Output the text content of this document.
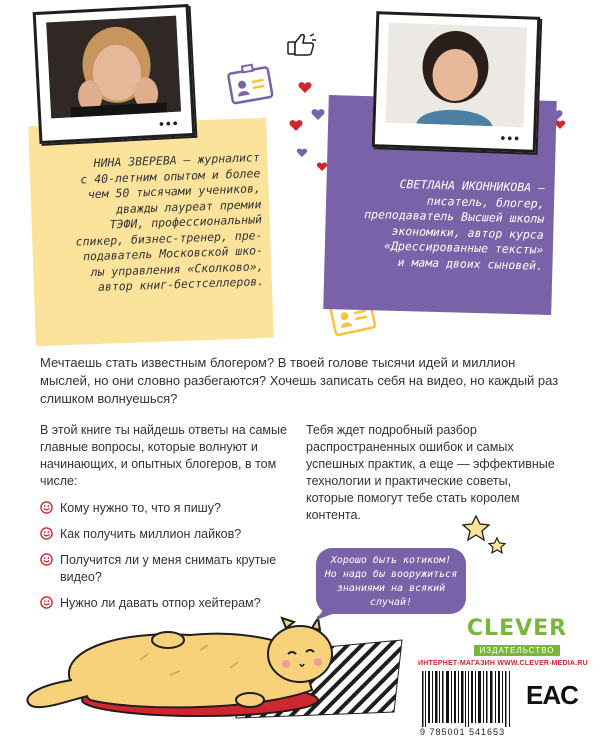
•••
•••
НИНА ЗВЕРЕВА — журналист
с 40-летним опытом и более
чем 50 тысячами учеников,
дважды лауреат премии
ТЭФИ, профессиональный
спикер, бизнес-тренер, пре-
подаватель Московской шко-
лы управления «Сколково»,
автор книг-бестселлеров.
СВЕТЛАНА ИКОННИКОВА —
писатель, блогер,
преподаватель Высшей школы
экономики, автор курса
«Дрессированные тексты»
и мама двоих сыновей.
Мечтаешь стать известным блогером? В твоей голове тысячи идей и миллион мыслей, но они словно разбегаются? Хочешь записать себя на видео, но каждый раз слишком волнуешься?
В этой книге ты найдешь ответы на самые главные вопросы, которые волнуют и начинающих, и опытных блогеров, в том числе:
Кому нужно то, что я пишу?
Как получить миллион лайков?
Получится ли у меня снимать крутые видео?
Нужно ли давать отпор хейтерам?
Тебя ждет подробный разбор распространенных ошибок и самых успешных практик, а еще — эффективные технологии и практические советы, которые помогут тебе стать королем контента.
Хорошо быть котиком!
Но надо бы вооружиться
знаниями на всякий
случай!
CLEVER
ИЗДАТЕЛЬСТВО
ИНТЕРНЕТ-МАГАЗИН WWW.CLEVER-MEDIA.RU
9 785001 541653
EAC
